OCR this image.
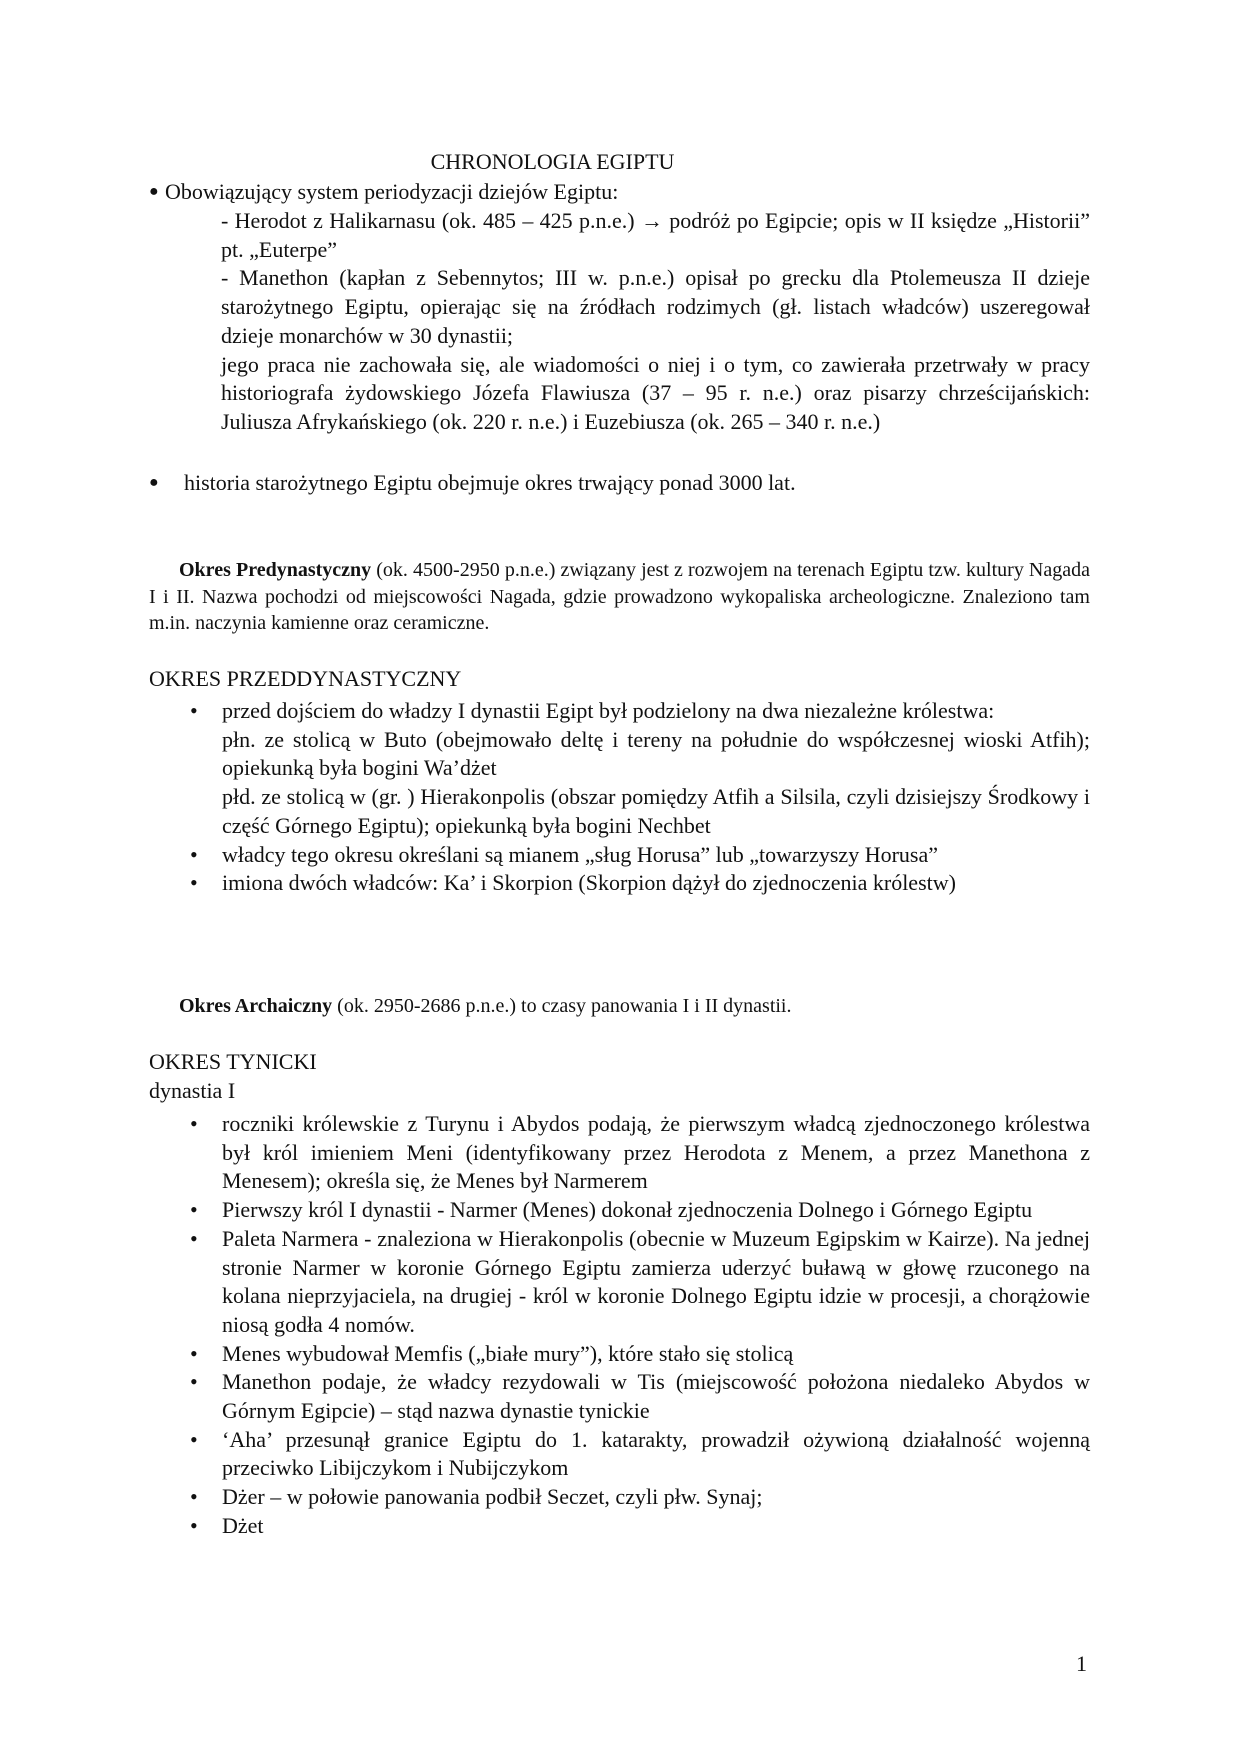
CHRONOLOGIA EGIPTU
● Obowiązujący system periodyzacji dziejów Egiptu:

- Herodot z Halikarnasu (ok. 485 – 425 p.n.e.) → podróż po Egipcie; opis w II księdze „Historii” pt. „Euterpe”

- Manethon (kapłan z Sebennytos; III w. p.n.e.) opisał po grecku dla Ptolemeusza II dzieje starożytnego Egiptu, opierając się na źródłach rodzimych (gł. listach władców) uszeregował dzieje monarchów w 30 dynastii;

jego praca nie zachowała się, ale wiadomości o niej i o tym, co zawierała przetrwały w pracy historiografa żydowskiego Józefa Flawiusza (37 – 95 r. n.e.) oraz pisarzy chrześcijańskich: Juliusza Afrykańskiego (ok. 220 r. n.e.) i Euzebiusza (ok. 265 – 340 r. n.e.)

● historia starożytnego Egiptu obejmuje okres trwający ponad 3000 lat.

Okres Predynastyczny (ok. 4500-2950 p.n.e.) związany jest z rozwojem na terenach Egiptu tzw. kultury Nagada I i II. Nazwa pochodzi od miejscowości Nagada, gdzie prowadzono wykopaliska archeologiczne. Znaleziono tam m.in. naczynia kamienne oraz ceramiczne.

OKRES PRZEDDYNASTYCZNY
• przed dojściem do władzy I dynastii Egipt był podzielony na dwa niezależne królestwa:

płn. ze stolicą w Buto (obejmowało deltę i tereny na południe do współczesnej wioski Atfih); opiekunką była bogini Wa’dżet

płd. ze stolicą w (gr. ) Hierakonpolis (obszar pomiędzy Atfih a Silsila, czyli dzisiejszy Środkowy i część Górnego Egiptu); opiekunką była bogini Nechbet

• władcy tego okresu określani są mianem „sług Horusa” lub „towarzyszy Horusa”
• imiona dwóch władców: Ka’ i Skorpion (Skorpion dążył do zjednoczenia królestw)

Okres Archaiczny (ok. 2950-2686 p.n.e.) to czasy panowania I i II dynastii.

OKRES TYNICKI
dynastia I
• roczniki królewskie z Turynu i Abydos podają, że pierwszym władcą zjednoczonego królestwa był król imieniem Meni (identyfikowany przez Herodota z Menem, a przez Manethona z Menesem); określa się, że Menes był Narmerem
• Pierwszy król I dynastii - Narmer (Menes) dokonał zjednoczenia Dolnego i Górnego Egiptu
• Paleta Narmera - znaleziona w Hierakonpolis (obecnie w Muzeum Egipskim w Kairze). Na jednej stronie Narmer w koronie Górnego Egiptu zamierza uderzyć buławą w głowę rzuconego na kolana nieprzyjaciela, na drugiej - król w koronie Dolnego Egiptu idzie w procesji, a chorążowie niosą godła 4 nomów.
• Menes wybudował Memfis („białe mury”), które stało się stolicą
• Manethon podaje, że władcy rezydowali w Tis (miejscowość położona niedaleko Abydos w Górnym Egipcie) – stąd nazwa dynastie tynickie
• ‘Aha’ przesunął granice Egiptu do 1. katarakty, prowadził ożywioną działalność wojenną przeciwko Libijczykom i Nubijczykom
• Dżer – w połowie panowania podbił Seczet, czyli płw. Synaj;
• Dżet
1
